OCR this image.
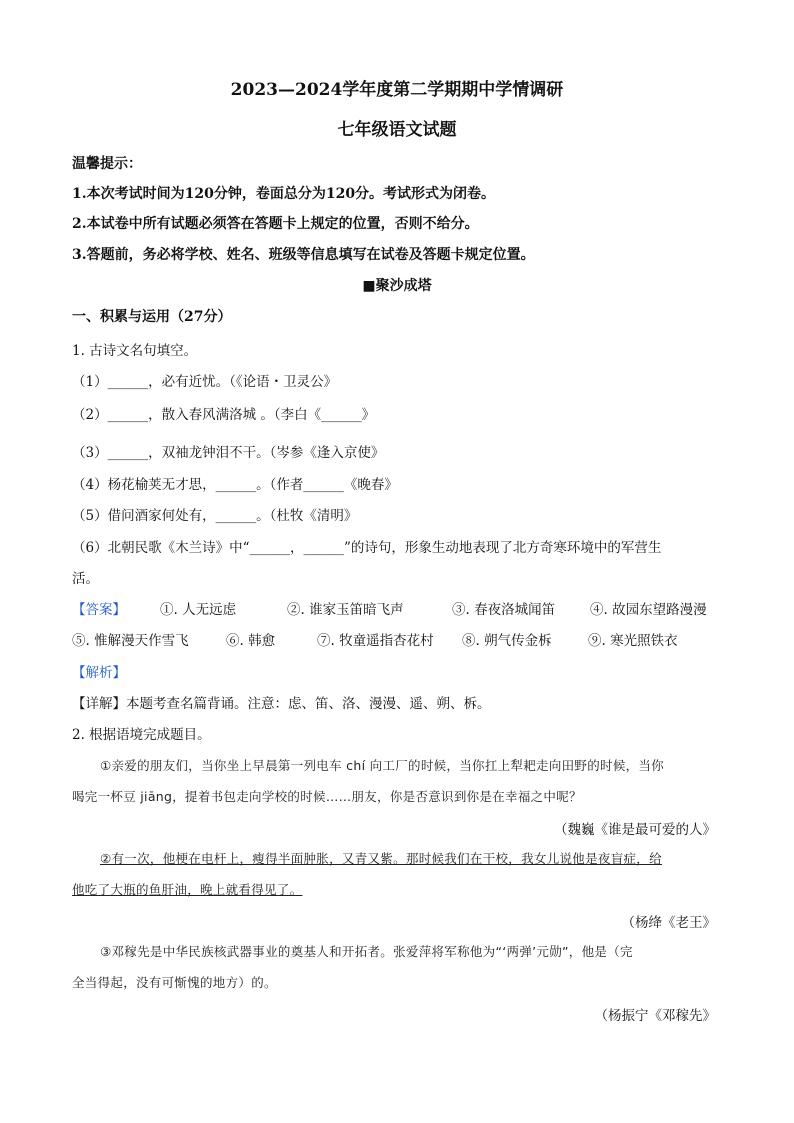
2023—2024学年度第二学期期中学情调研
七年级语文试题
温馨提示：
1.本次考试时间为120分钟，卷面总分为120分。考试形式为闭卷。
2.本试卷中所有试题必须答在答题卡上规定的位置，否则不给分。
3.答题前，务必将学校、姓名、班级等信息填写在试卷及答题卡规定位置。
■聚沙成塔
一、积累与运用（27分）
1. 古诗文名句填空。
（1）______，必有近忧。（《论语・卫灵公》
（2）______，散入春风满洛城 。（李白《______》
（3）______，双袖龙钟泪不干。（岑参《逢入京使》
（4）杨花榆荚无才思，______。（作者______《晚春》
（5）借问酒家何处有，______。（杜牧《清明》
（6）北朝民歌《木兰诗》中“______，______”的诗句，形象生动地表现了北方奇寒环境中的军营生
活。
【答案】	①. 人无远虑	②. 谁家玉笛暗飞声	③. 春夜洛城闻笛	④. 故园东望路漫漫
⑤. 惟解漫天作雪飞	⑥. 韩愈	⑦. 牧童遥指杏花村 ⑧. 朔气传金柝	⑨. 寒光照铁衣
【解析】
【详解】本题考查名篇背诵。注意：虑、笛、洛、漫漫、遥、朔、柝。
2. 根据语境完成题目。
①亲爱的朋友们，当你坐上早晨第一列电车 chí 向工厂的时候，当你扛上犁耙走向田野的时候，当你
喝完一杯豆 jiāng，提着书包走向学校的时候……朋友，你是否意识到你是在幸福之中呢？
（魏巍《谁是最可爱的人》
②有一次，他梗在电杆上，瘦得半面肿胀，又青又紫。那时候我们在干校，我女儿说他是夜盲症，给
他吃了大瓶的鱼肝油，晚上就看得见了。
（杨绛《老王》
③邓稼先是中华民族核武器事业的奠基人和开拓者。张爱萍将军称他为“‘两弹’元勋”，他是（完
全当得起，没有可惭愧的地方）的。
（杨振宁《邓稼先》
